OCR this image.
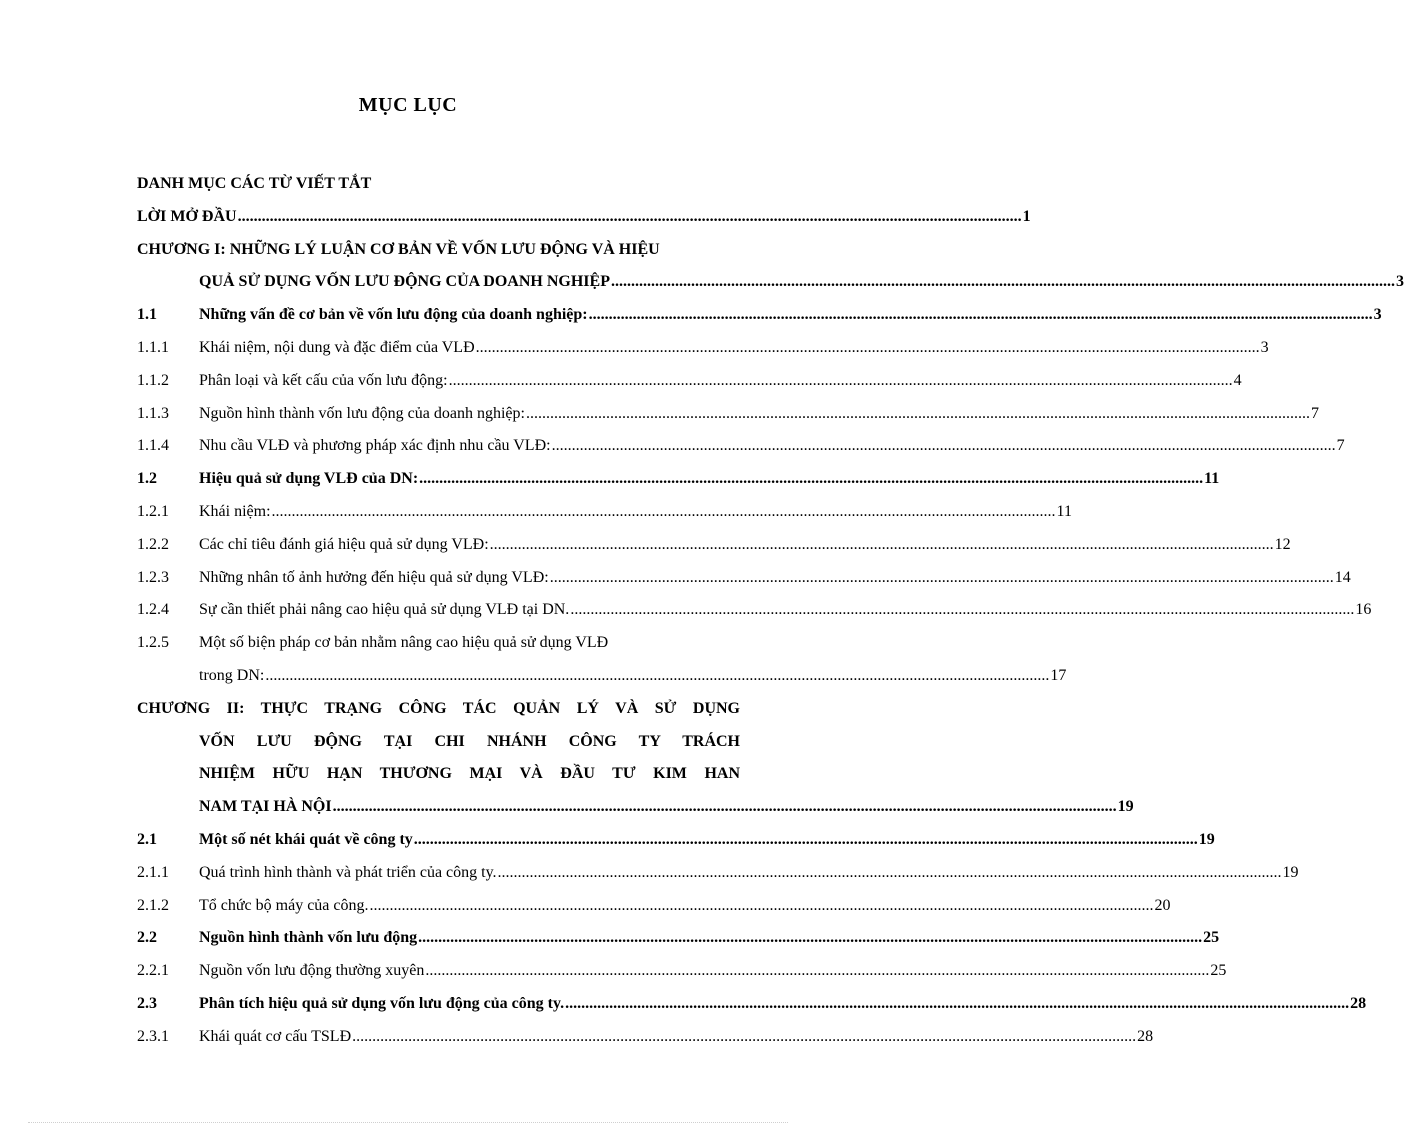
MỤC LỤC
DANH MỤC CÁC TỪ VIẾT TẮT
LỜI MỞ ĐẦU .....	1
CHƯƠNG I: NHỮNG LÝ LUẬN CƠ BẢN VỀ VỐN LƯU ĐỘNG VÀ HIỆU
QUẢ SỬ DỤNG VỐN LƯU ĐỘNG CỦA DOANH NGHIỆP .....	3
1.1	Những vấn đề cơ bản về vốn lưu động của doanh nghiệp: .....	3
1.1.1	Khái niệm, nội dung và đặc điểm của VLĐ .....	3
1.1.2	Phân loại và kết cấu của vốn lưu động: .....	4
1.1.3	Nguồn hình thành vốn lưu động của doanh nghiệp: .....	7
1.1.4	Nhu cầu VLĐ và phương pháp xác định nhu cầu VLĐ: .....	7
1.2	Hiệu quả sử dụng VLĐ của DN: .....	11
1.2.1	Khái niệm: .....	11
1.2.2	Các chỉ tiêu đánh giá hiệu quả sử dụng VLĐ: .....	12
1.2.3	Những nhân tố ảnh hưởng đến hiệu quả sử dụng VLĐ: .....	14
1.2.4	Sự cần thiết phải nâng cao hiệu quả sử dụng VLĐ tại DN. .....	16
1.2.5	Một số biện pháp cơ bản nhằm nâng cao hiệu quả sử dụng VLĐ
trong DN: .....	17
CHƯƠNG II: THỰC TRẠNG CÔNG TÁC QUẢN LÝ VÀ SỬ DỤNG
VỐN LƯU ĐỘNG TẠI CHI NHÁNH CÔNG TY TRÁCH
NHIỆM HỮU HẠN THƯƠNG MẠI VÀ ĐẦU TƯ KIM HAN
NAM TẠI HÀ NỘI .....	19
2.1	Một số nét khái quát về công ty .....	19
2.1.1	Quá trình hình thành và phát triển của công ty. .....	19
2.1.2	Tổ chức bộ máy của công. .....	20
2.2	Nguồn hình thành vốn lưu động .....	25
2.2.1	Nguồn vốn lưu động thường xuyên .....	25
2.3	Phân tích hiệu quả sử dụng vốn lưu động của công ty. .....	28
2.3.1	Khái quát cơ cấu TSLĐ .....	28
